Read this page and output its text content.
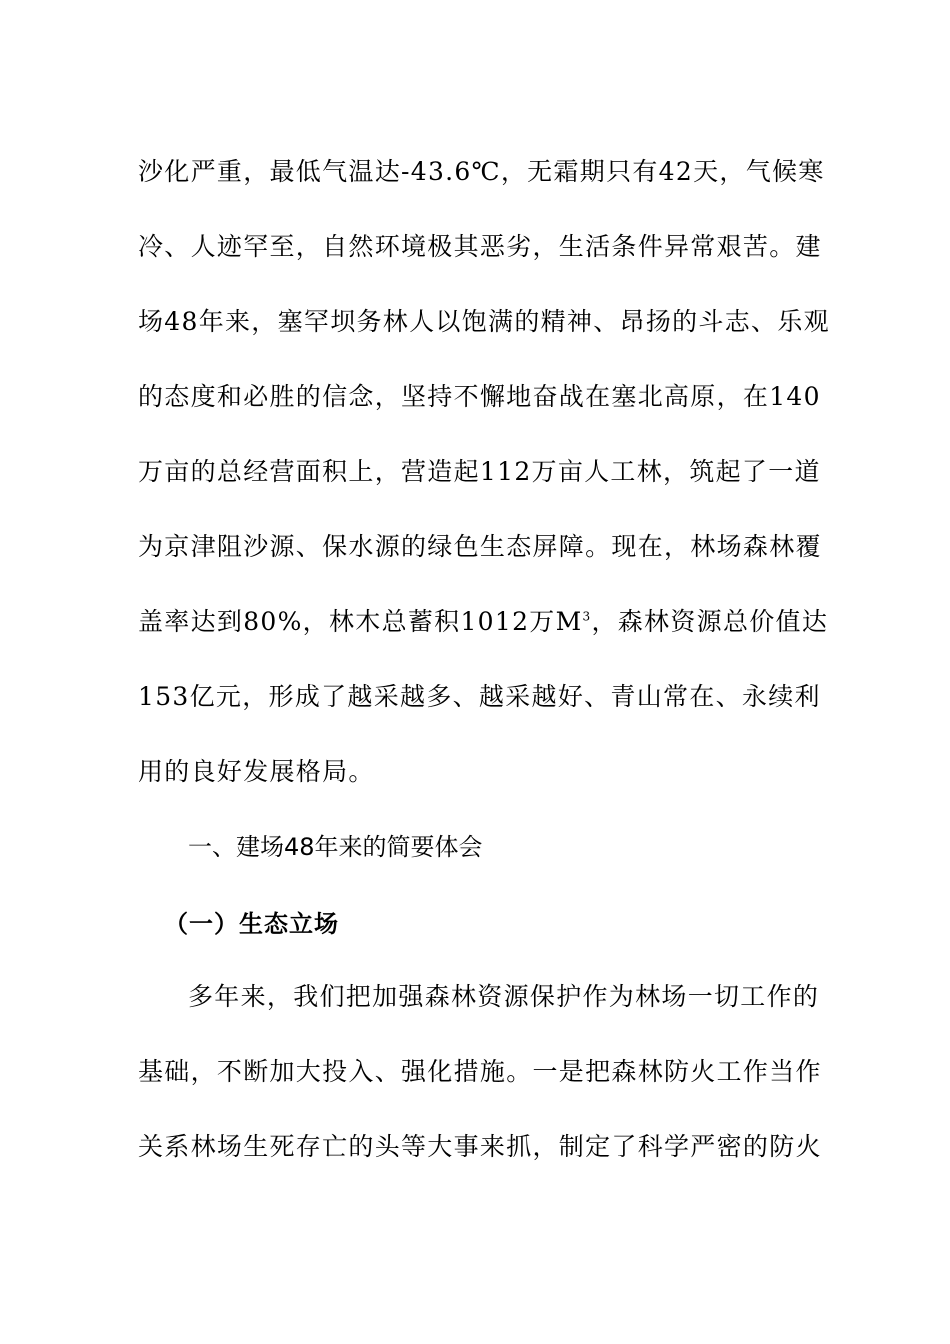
沙化严重，最低气温达-43.6℃，无霜期只有42天，气候寒
冷、人迹罕至，自然环境极其恶劣，生活条件异常艰苦。建
场48年来，塞罕坝务林人以饱满的精神、昂扬的斗志、乐观
的态度和必胜的信念，坚持不懈地奋战在塞北高原，在140
万亩的总经营面积上，营造起112万亩人工林，筑起了一道
为京津阻沙源、保水源的绿色生态屏障。现在，林场森林覆
盖率达到80%，林木总蓄积1012万$M^3$，森林资源总价值达
153亿元，形成了越采越多、越采越好、青山常在、永续利
用的良好发展格局。
一、建场48年来的简要体会
（一）生态立场
多年来，我们把加强森林资源保护作为林场一切工作的
基础，不断加大投入、强化措施。一是把森林防火工作当作
关系林场生死存亡的头等大事来抓，制定了科学严密的防火
